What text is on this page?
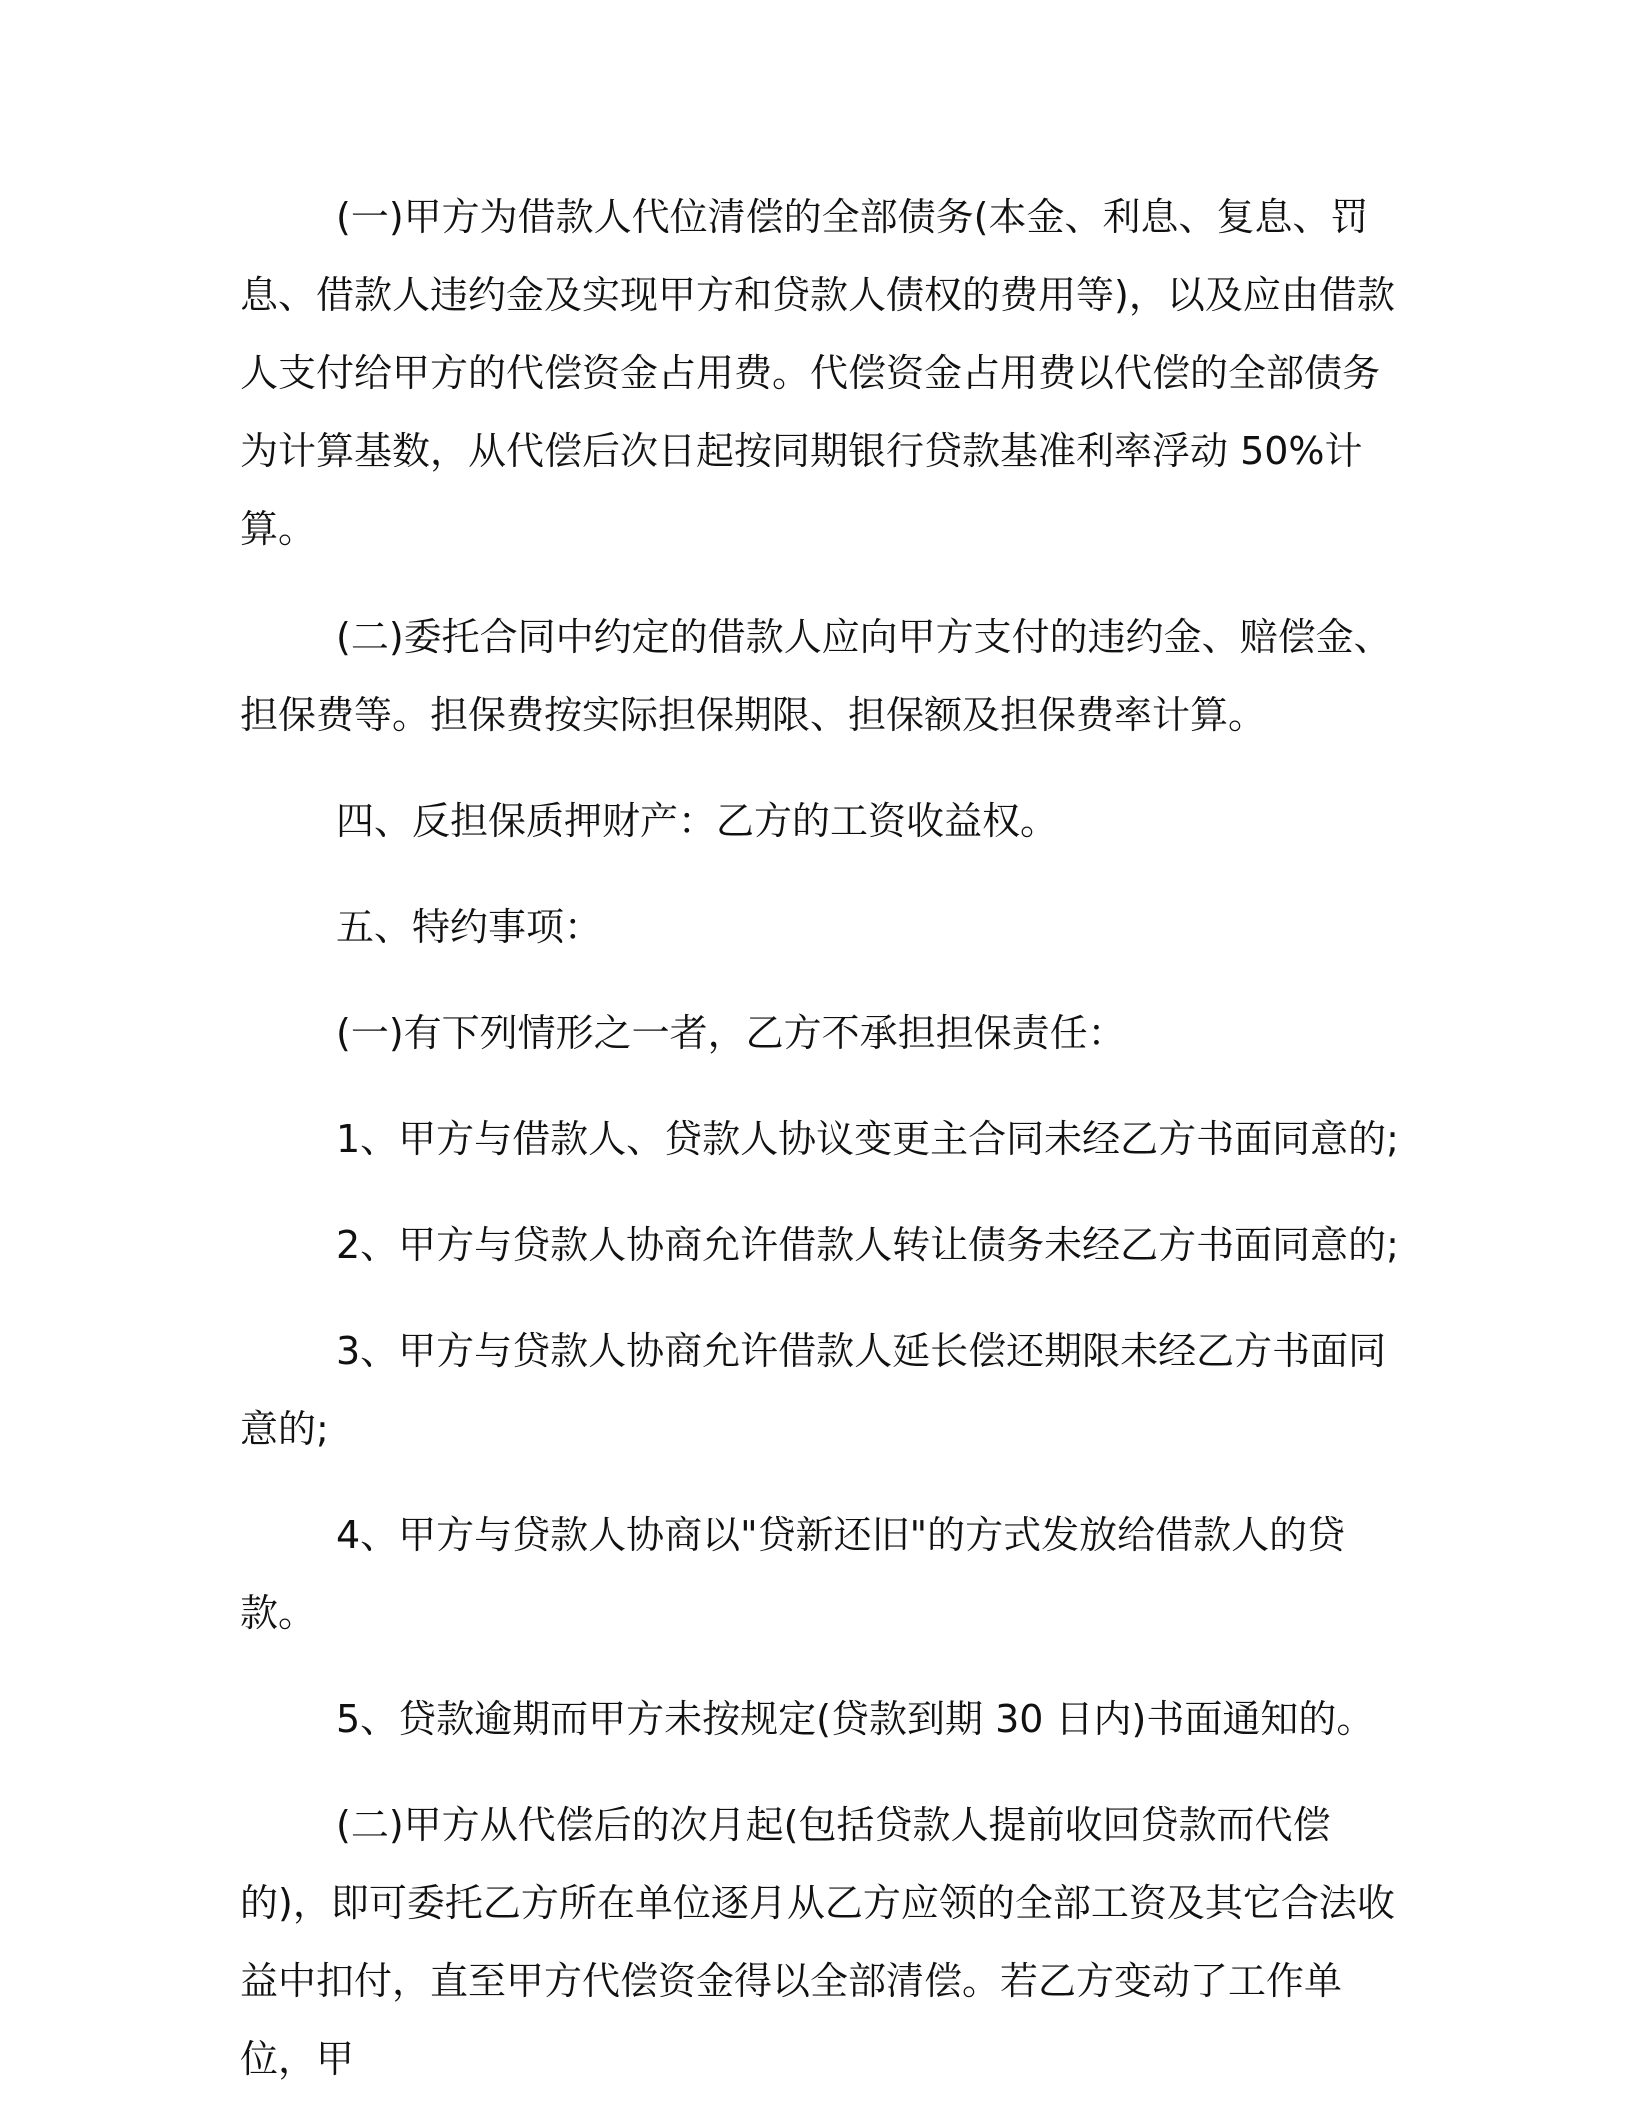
(一)甲方为借款人代位清偿的全部债务(本金、利息、复息、罚息、借款人违约金及实现甲方和贷款人债权的费用等)，以及应由借款人支付给甲方的代偿资金占用费。代偿资金占用费以代偿的全部债务为计算基数，从代偿后次日起按同期银行贷款基准利率浮动 50%计算。

(二)委托合同中约定的借款人应向甲方支付的违约金、赔偿金、担保费等。担保费按实际担保期限、担保额及担保费率计算。

四、反担保质押财产：乙方的工资收益权。

五、特约事项：

(一)有下列情形之一者，乙方不承担担保责任：

1、甲方与借款人、贷款人协议变更主合同未经乙方书面同意的;

2、甲方与贷款人协商允许借款人转让债务未经乙方书面同意的;

3、甲方与贷款人协商允许借款人延长偿还期限未经乙方书面同意的;

4、甲方与贷款人协商以"贷新还旧"的方式发放给借款人的贷款。

5、贷款逾期而甲方未按规定(贷款到期 30 日内)书面通知的。

(二)甲方从代偿后的次月起(包括贷款人提前收回贷款而代偿的)，即可委托乙方所在单位逐月从乙方应领的全部工资及其它合法收益中扣付，直至甲方代偿资金得以全部清偿。若乙方变动了工作单位，甲
